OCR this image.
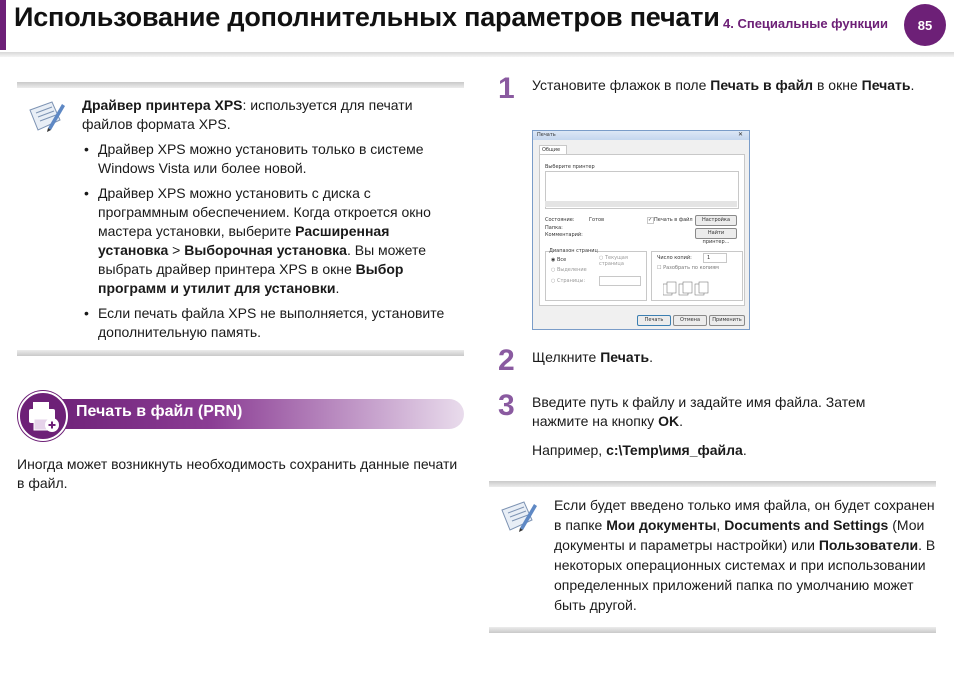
Использование дополнительных параметров печати 4. Специальные функции	85

Драйвер принтера XPS: используется для печати файлов формата XPS.

• Драйвер XPS можно установить только в системе Windows Vista или более новой.
• Драйвер XPS можно установить с диска с программным обеспечением. Когда откроется окно мастера установки, выберите Расширенная установка > Выборочная установка. Вы можете выбрать драйвер принтера XPS в окне Выбор программ и утилит для установки.
• Если печать файла XPS не выполняется, установите дополнительную память.
Печать в файл (PRN)

Иногда может возникнуть необходимость сохранить данные печати в файл.

1 Установите флажок в поле Печать в файл в окне Печать.

Печать	✕
Общие
Выберите принтер
Состояние:	Готов
Папка:
Комментарий:
✓ Печать в файл	Настройка
Найти принтер...
Диапазон страниц
◉ Все
○ Выделение
○ Текущая страница
○ Страницы:
Число копий:	1
☐ Разобрать по копиям
Печать	Отмена	Применить
2 Щелкните Печать.

3 Введите путь к файлу и задайте имя файла. Затем нажмите на кнопку OK.

Например, c:\Temp\имя_файла.

Если будет введено только имя файла, он будет сохранен в папке Мои документы, Documents and Settings (Мои документы и параметры настройки) или Пользователи. В некоторых операционных системах и при использовании определенных приложений папка по умолчанию может быть другой.
